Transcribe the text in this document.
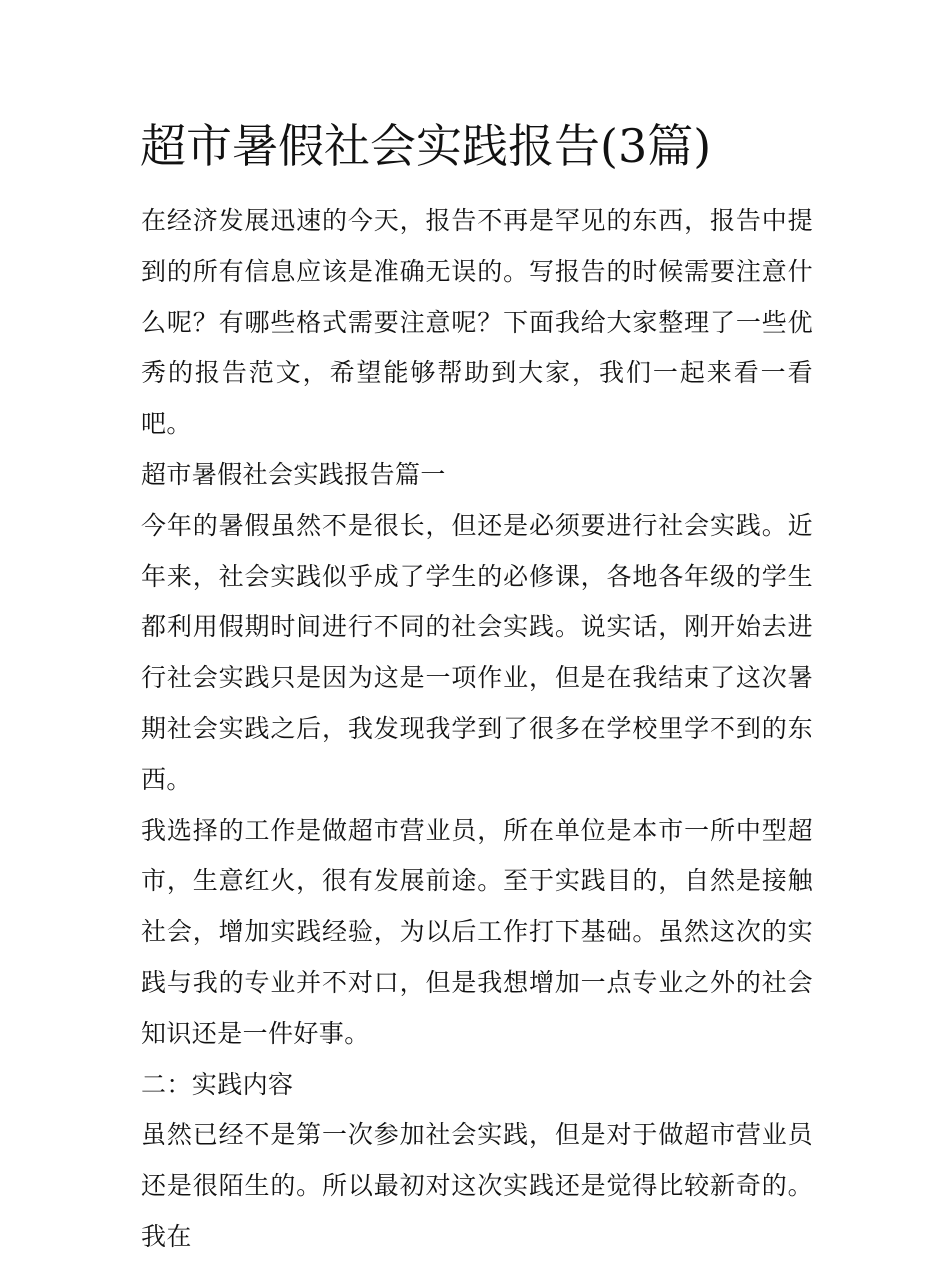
超市暑假社会实践报告(3篇)

在经济发展迅速的今天，报告不再是罕见的东西，报告中提到的所有信息应该是准确无误的。写报告的时候需要注意什么呢？有哪些格式需要注意呢？下面我给大家整理了一些优秀的报告范文，希望能够帮助到大家，我们一起来看一看吧。

超市暑假社会实践报告篇一

今年的暑假虽然不是很长，但还是必须要进行社会实践。近年来，社会实践似乎成了学生的必修课，各地各年级的学生都利用假期时间进行不同的社会实践。说实话，刚开始去进行社会实践只是因为这是一项作业，但是在我结束了这次暑期社会实践之后，我发现我学到了很多在学校里学不到的东西。

我选择的工作是做超市营业员，所在单位是本市一所中型超市，生意红火，很有发展前途。至于实践目的，自然是接触社会，增加实践经验，为以后工作打下基础。虽然这次的实践与我的专业并不对口，但是我想增加一点专业之外的社会知识还是一件好事。

二：实践内容

虽然已经不是第一次参加社会实践，但是对于做超市营业员还是很陌生的。所以最初对这次实践还是觉得比较新奇的。我在
